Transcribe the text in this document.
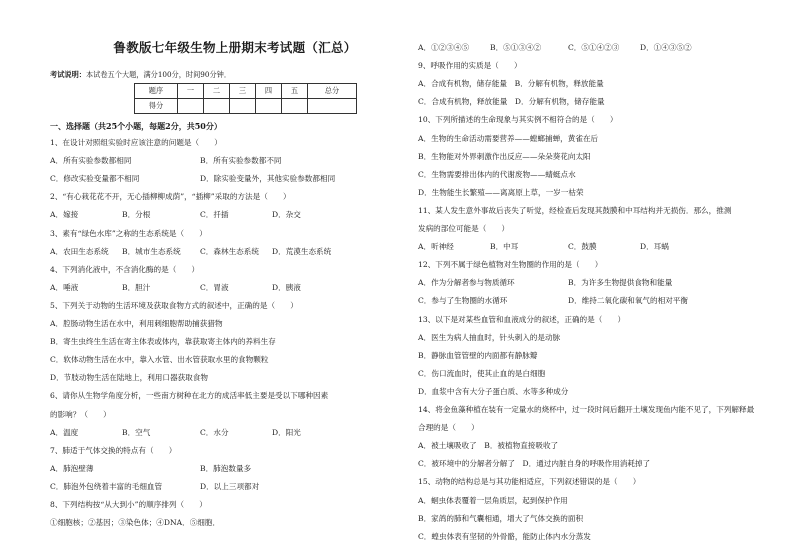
鲁教版七年级生物上册期末考试题（汇总）
考试说明：本试卷五个大题，满分100分，时间90分钟．
题序	一	二	三	四	五	总分
得分						
一、选择题（共25个小题，每题2分，共50分）
1、在设计对照组实验时应该注意的问题是（　　）
A．所有实验参数都相同	B．所有实验参数都不同
C．修改实验变量都不相同	D．除实验变量外，其他实验参数都相同
2、“有心栽花花不开，无心插柳柳成荫”，“插柳”采取的方法是（　　）
A．嫁接	B．分根	C．扦插	D．杂交
3、素有“绿色水库”之称的生态系统是（　　）
A．农田生态系统 B．城市生态系统	C．森林生态系统 D．荒漠生态系统
4、下列消化液中，不含消化酶的是（　　）
A．唾液	B．胆汁	C．胃液	D．胰液
5、下列关于动物的生活环境及获取食物方式的叙述中，正确的是（　　）
A．腔肠动物生活在水中，利用刺细胞帮助捕获猎物
B．寄生虫终生生活在寄主体表或体内，靠获取寄主体内的养料生存
C．软体动物生活在水中，靠入水管、出水管获取水里的食物颗粒
D．节肢动物生活在陆地上，利用口器获取食物
6、请你从生物学角度分析，一些南方树种在北方的成活率低主要是受以下哪种因素
的影响？（　　）
A．温度	B．空气	C．水分	D．阳光
7、肺适于气体交换的特点有（　　）
A．肺泡壁薄	B．肺泡数量多
C．肺泡外包绕着丰富的毛细血管	D．以上三项都对
8、下列结构按“从大到小”的顺序排列（　　）
①细胞核；②基因；③染色体；④DNA．⑤细胞．
A．①②③④⑤	B．⑤①③④②	C．⑤①④②③	D．①④③⑤②
9、呼吸作用的实质是（　　）
A．合成有机物，储存能量　B．分解有机物，释放能量
C．合成有机物，释放能量　D．分解有机物，储存能量
10、下列所描述的生命现象与其实例不相符合的是（　　）
A．生物的生命活动需要营养——螳螂捕蝉，黄雀在后
B．生物能对外界刺激作出反应——朵朵葵花向太阳
C．生物需要排出体内的代谢废物——蜻蜓点水
D．生物能生长繁殖——离离原上草，一岁一枯荣
11、某人发生意外事故后丧失了听觉，经检查后发现其鼓膜和中耳结构并无损伤．那么，推测
发病的部位可能是（　　）
A．听神经	B．中耳	C．鼓膜	D．耳蜗
12、下列不属于绿色植物对生物圈的作用的是（　　）
A．作为分解者参与物质循环	B．为许多生物提供食物和能量
C．参与了生物圈的水循环	D．维持二氧化碳和氧气的相对平衡
13、以下是对某些血管和血液成分的叙述，正确的是（　　）
A．医生为病人抽血时，针头刺入的是动脉
B．静脉血管管壁的内面都有静脉瓣
C．伤口流血时，使其止血的是白细胞
D．血浆中含有大分子蛋白质、水等多种成分
14、将金鱼藻种植在装有一定量水的烧杯中，过一段时间后翻开土壤发现鱼内能不见了，下列解释最
合理的是（　　）
A．被土壤吸收了　B．被植物直接吸收了
C．被环境中的分解者分解了　D．通过内脏自身的呼吸作用消耗掉了
15、动物的结构总是与其功能相适应，下列叙述错误的是（　　）
A．蛔虫体表覆着一层角质层，起到保护作用
B．家鸽的肺和气囊相通，增大了气体交换的面积
C．蝗虫体表有坚韧的外骨骼，能防止体内水分蒸发
